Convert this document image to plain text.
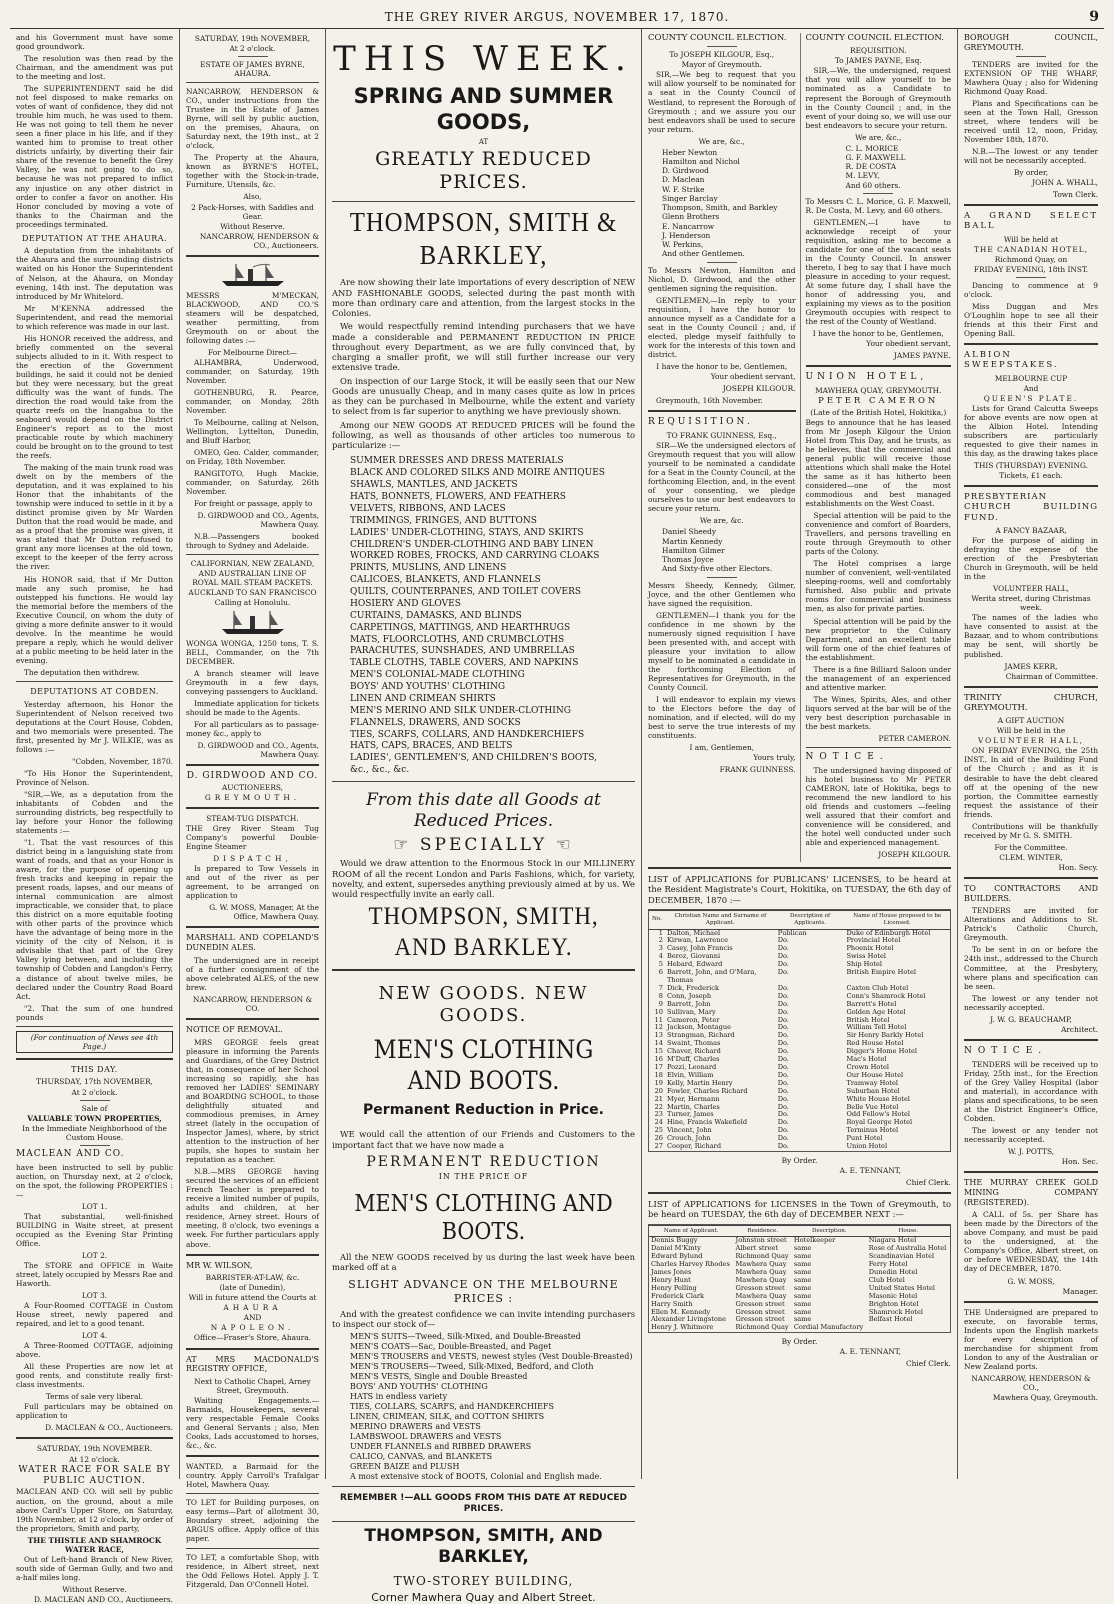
THE GREY RIVER ARGUS, NOVEMBER 17, 1870.	9

and his Government must have some good groundwork.

The resolution was then read by the Chairman, and the amendment was put to the meeting and lost.

The SUPERINTENDENT said he did not feel disposed to make remarks on votes of want of confidence, they did not trouble him much, he was used to them. He was not going to tell them he never seen a finer place in his life, and if they wanted him to promise to treat other districts unfairly, by diverting their fair share of the revenue to benefit the Grey Valley, he was not going to do so, because he was not prepared to inflict any injustice on any other district in order to confer a favor on another. His Honor concluded by moving a vote of thanks to the Chairman and the proceedings terminated.

DEPUTATION AT THE AHAURA.

A deputation from the inhabitants of the Ahaura and the surrounding districts waited on his Honor the Superintendent of Nelson, at the Ahaura, on Monday evening, 14th inst. The deputation was introduced by Mr Whitelord.

Mr M'KENNA addressed the Superintendent, and read the memorial to which reference was made in our last.

His HONOR received the address, and briefly commented on the several subjects alluded to in it. With respect to the erection of the Government buildings, he said it could not be denied but they were necessary, but the great difficulty was the want of funds. The direction the road would take from the quartz reefs on the Inangahua to the seaboard would depend on the District Engineer's report as to the most practicable route by which machinery could be brought on to the ground to test the reefs.

The making of the main trunk road was dwelt on by the members of the deputation, and it was explained to his Honor that the inhabitants of the township were induced to settle in it by a distinct promise given by Mr Warden Dutton that the road would be made, and as a proof that the promise was given, it was stated that Mr Dutton refused to grant any more licenses at the old town, except to the keeper of the ferry across the river.

His HONOR said, that if Mr Dutton made any such promise, he had outstepped his functions. He would lay the memorial before the members of the Executive Council, on whom the duty of giving a more definite answer to it would devolve. In the meantime he would prepare a reply, which he would deliver at a public meeting to be held later in the evening.

The deputation then withdrew.

DEPUTATIONS AT COBDEN.

Yesterday afternoon, his Honor the Superintendent of Nelson received two deputations at the Court House, Cobden, and two memorials were presented. The first, presented by Mr J. WILKIE, was as follows :—

"Cobden, November, 1870.

"To His Honor the Superintendent, Province of Nelson.

"SIR,—We, as a deputation from the inhabitants of Cobden and the surrounding districts, beg respectfully to lay before your Honor the following statements :—

"1. That the vast resources of this district being in a languishing state from want of roads, and that as your Honor is aware, for the purpose of opening up fresh tracks and keeping in repair the present roads, lapses, and our means of internal communication are almost impracticable, we consider that, to place this district on a more equitable footing with other parts of the province which have the advantage of being more in the vicinity of the city of Nelson, it is advisable that that part of the Grey Valley lying between, and including the township of Cobden and Langdon's Ferry, a distance of about twelve miles, be declared under the Country Road Board Act.

"2. That the sum of one hundred pounds

(For continuation of News see 4th Page.)

THIS DAY.

THURSDAY, 17th NOVEMBER,

At 2 o'clock.

Sale of

VALUABLE TOWN PROPERTIES,

In the Immediate Neighborhood of the Custom House.

MACLEAN AND CO.

have been instructed to sell by public auction, on Thursday next, at 2 o'clock, on the spot, the following PROPERTIES :—

LOT 1.

That substantial, well-finished BUILDING in Waite street, at present occupied as the Evening Star Printing Office.

LOT 2.

The STORE and OFFICE in Waite street, lately occupied by Messrs Rae and Haworth.

LOT 3.

A Four-Roomed COTTAGE in Custom House street, newly papered and repaired, and let to a good tenant.

LOT 4.

A Three-Roomed COTTAGE, adjoining above.

All these Properties are now let at good rents, and constitute really first-class investments.

Terms of sale very liberal.

Full particulars may be obtained on application to

D. MACLEAN & CO., Auctioneers.

SATURDAY, 19th NOVEMBER.

At 12 o'clock.

WATER RACE FOR SALE BY PUBLIC AUCTION.

MACLEAN AND CO. will sell by public auction, on the ground, about a mile above Card's Upper Store, on Saturday, 19th November, at 12 o'clock, by order of the proprietors, Smith and party,

THE THISTLE AND SHAMROCK WATER RACE,

Out of Left-hand Branch of New River, south side of German Gully, and two and a-half miles long.

Without Reserve.

D. MACLEAN AND CO., Auctioneers.

SATURDAY, 19th NOVEMBER,

At 2 o'clock.

ESTATE OF JAMES BYRNE, AHAURA.

NANCARROW, HENDERSON & CO., under instructions from the Trustee in the Estate of James Byrne, will sell by public auction, on the premises, Ahaura, on Saturday next, the 19th inst., at 2 o'clock,

The Property at the Ahaura, known as BYRNE'S HOTEL, together with the Stock-in-trade, Furniture, Utensils, &c.

Also,

2 Pack-Horses, with Saddles and Gear.

Without Reserve.

NANCARROW, HENDERSON & CO., Auctioneers.

MESSRS M'MECKAN, BLACKWOOD, AND CO.'S steamers will be despatched, weather permitting, from Greymouth on or about the following dates :—

For Melbourne Direct—

ALHAMBRA, Underwood, commander, on Saturday, 19th November.

GOTHENBURG, R. Pearce, commander, on Monday, 28th November.

To Melbourne, calling at Nelson, Wellington, Lyttelton, Dunedin, and Bluff Harbor,

OMEO, Geo. Calder, commander, on Friday, 18th November.

RANGITOTO, Hugh Mackie, commander, on Saturday, 26th November.

For freight or passage, apply to

D. GIRDWOOD and CO., Agents, Mawhera Quay.

N.B.—Passengers booked through to Sydney and Adelaide.

CALIFORNIAN, NEW ZEALAND, AND AUSTRALIAN LINE OF ROYAL MAIL STEAM PACKETS.

AUCKLAND TO SAN FRANCISCO

Calling at Honolulu.

WONGA WONGA, 1250 tons, T. S. BELL, Commander, on the 7th DECEMBER.

A branch steamer will leave Greymouth in a few days, conveying passengers to Auckland.

Immediate application for tickets should be made to the Agents.

For all particulars as to passage-money &c., apply to

D. GIRDWOOD and CO., Agents, Mawhera Quay.

D. GIRDWOOD AND CO.

AUCTIONEERS,

GREYMOUTH.

STEAM-TUG DISPATCH.

THE Grey River Steam Tug Company's powerful Double-Engine Steamer

DISPATCH,

Is prepared to Tow Vessels in and out of the river as per agreement, to be arranged on application to

G. W. MOSS, Manager, At the Office, Mawhera Quay.

MARSHALL AND COPELAND'S DUNEDIN ALES.

The undersigned are in receipt of a further consignment of the above celebrated ALES, of the new brew.

NANCARROW, HENDERSON & CO.

NOTICE OF REMOVAL.

MRS GEORGE feels great pleasure in informing the Parents and Guardians, of the Grey District that, in consequence of her School increasing so rapidly, she has removed her LADIES' SEMINARY and BOARDING SCHOOL, to those delightfully situated and commodious premises, in Arney street (lately in the occupation of Inspector James), where, by strict attention to the instruction of her pupils, she hopes to sustain her reputation as a teacher.

N.B.—MRS GEORGE having secured the services of an efficient French Teacher is prepared to receive a limited number of pupils, adults and children, at her residence, Arney street. Hours of meeting, 8 o'clock, two evenings a week. For further particulars apply above.

MR W. WILSON,

BARRISTER-AT-LAW, &c.

(late of Dunedin),

Will in future attend the Courts at

AHAURA

AND

NAPOLEON.

Office—Fraser's Store, Ahaura.

AT MRS MACDONALD'S REGISTRY OFFICE,

Next to Catholic Chapel, Arney Street, Greymouth.

Waiting Engagements.—Barmaids, Housekeepers, several very respectable Female Cooks and General Servants ; also, Men Cooks, Lads accustomed to horses, &c., &c.

WANTED, a Barmaid for the country. Apply Carroll's Trafalgar Hotel, Mawhera Quay.

TO LET for Building purposes, on easy terms—Part of allotment 30, Boundary street, adjoining the ARGUS office. Apply office of this paper.

TO LET, a comfortable Shop, with residence, in Albert street, next the Odd Fellows Hotel. Apply J. T. Fitzgerald, Dan O'Connell Hotel.

THIS WEEK.
SPRING AND SUMMER GOODS,
AT
GREATLY REDUCED PRICES.
THOMPSON, SMITH & BARKLEY,

Are now showing their late importations of every description of NEW AND FASHIONABLE GOODS, selected during the past month with more than ordinary care and attention, from the largest stocks in the Colonies.

We would respectfully remind intending purchasers that we have made a considerable and PERMANENT REDUCTION IN PRICE throughout every Department, as we are fully convinced that, by charging a smaller profit, we will still further increase our very extensive trade.

On inspection of our Large Stock, it will be easily seen that our New Goods are unusually Cheap, and in many cases quite as low in prices as they can be purchased in Melbourne, while the extent and variety to select from is far superior to anything we have previously shown.

Among our NEW GOODS AT REDUCED PRICES will be found the following, as well as thousands of other articles too numerous to particularize :—

SUMMER DRESSES AND DRESS MATERIALS
BLACK AND COLORED SILKS AND MOIRE ANTIQUES
SHAWLS, MANTLES, AND JACKETS
HATS, BONNETS, FLOWERS, AND FEATHERS
VELVETS, RIBBONS, AND LACES
TRIMMINGS, FRINGES, AND BUTTONS
LADIES' UNDER-CLOTHING, STAYS, AND SKIRTS
CHILDREN'S UNDER-CLOTHING AND BABY LINEN
WORKED ROBES, FROCKS, AND CARRYING CLOAKS
PRINTS, MUSLINS, AND LINENS
CALICOES, BLANKETS, AND FLANNELS
QUILTS, COUNTERPANES, AND TOILET COVERS
HOSIERY AND GLOVES
CURTAINS, DAMASKS, AND BLINDS
CARPETINGS, MATTINGS, AND HEARTHRUGS
MATS, FLOORCLOTHS, AND CRUMBCLOTHS
PARACHUTES, SUNSHADES, AND UMBRELLAS
TABLE CLOTHS, TABLE COVERS, AND NAPKINS
MEN'S COLONIAL-MADE CLOTHING
BOYS' AND YOUTHS' CLOTHING
LINEN AND CRIMEAN SHIRTS
MEN'S MERINO AND SILK UNDER-CLOTHING
FLANNELS, DRAWERS, AND SOCKS
TIES, SCARFS, COLLARS, AND HANDKERCHIEFS
HATS, CAPS, BRACES, AND BELTS
LADIES', GENTLEMEN'S, AND CHILDREN'S BOOTS,
&c., &c., &c.
From this date all Goods at Reduced Prices.
☞ SPECIALLY ☜

Would we draw attention to the Enormous Stock in our MILLINERY ROOM of all the recent London and Paris Fashions, which, for variety, novelty, and extent, supersedes anything previously aimed at by us. We would respectfully invite an early call.

THOMPSON, SMITH, AND BARKLEY.
NEW GOODS. NEW GOODS.
MEN'S CLOTHING AND BOOTS.
Permanent Reduction in Price.

WE would call the attention of our Friends and Customers to the important fact that we have now made a

PERMANENT REDUCTION
IN THE PRICE OF
MEN'S CLOTHING AND BOOTS.

All the NEW GOODS received by us during the last week have been marked off at a

SLIGHT ADVANCE ON THE MELBOURNE PRICES :

And with the greatest confidence we can invite intending purchasers to inspect our stock of—

MEN'S SUITS—Tweed, Silk-Mixed, and Double-Breasted
MEN'S COATS—Sac, Double-Breasted, and Paget
MEN'S TROUSERS and VESTS, newest styles (Vest Double-Breasted)
MEN'S TROUSERS—Tweed, Silk-Mixed, Bedford, and Cloth
MEN'S VESTS, Single and Double Breasted
BOYS' AND YOUTHS' CLOTHING
HATS in endless variety
TIES, COLLARS, SCARFS, and HANDKERCHIEFS
LINEN, CRIMEAN, SILK, and COTTON SHIRTS
MERINO DRAWERS and VESTS
LAMBSWOOL DRAWERS and VESTS
UNDER FLANNELS and RIBBED DRAWERS
CALICO, CANVAS, and BLANKETS
GREEN BAIZE and PLUSH
A most extensive stock of BOOTS, Colonial and English made.
REMEMBER !—ALL GOODS FROM THIS DATE AT REDUCED PRICES.
THOMPSON, SMITH, AND BARKLEY,
TWO-STOREY BUILDING,
Corner Mawhera Quay and Albert Street.

COUNTY COUNCIL ELECTION.

To JOSEPH KILGOUR, Esq.,

Mayor of Greymouth.

SIR,—We beg to request that you will allow yourself to be nominated for a seat in the County Council of Westland, to represent the Borough of Greymouth ; and we assure you our best endeavors shall be used to secure your return.

We are, &c.,

Heber Newton
Hamilton and Nichol
D. Girdwood
D. Maclean
W. F. Strike
Singer Barclay
Thompson, Smith, and Barkley
Glenn Brothers
E. Nancarrow
J. Henderson
W. Perkins,
And other Gentlemen.

To Messrs Newton, Hamilton and Nichol, D. Girdwood, and the other gentlemen signing the requisition.

GENTLEMEN,—In reply to your requisition, I have the honor to announce myself as a Candidate for a seat in the County Council ; and, if elected, pledge myself faithfully to work for the interests of this town and district.

I have the honor to be, Gentlemen,

Your obedient servant,

JOSEPH KILGOUR.

Greymouth, 16th November.

REQUISITION.

TO FRANK GUINNESS, Esq.,

SIR—We the undersigned electors of Greymouth request that you will allow yourself to be nominated a candidate for a Seat in the County Council, at the forthcoming Election, and, in the event of your consenting, we pledge ourselves to use our best endeavors to secure your return.

We are, &c.

Daniel Sheedy
Martin Kennedy
Hamilton Gilmer
Thomas Joyce
And Sixty-five other Electors.

Messrs Sheedy, Kennedy, Gilmer, Joyce, and the other Gentlemen who have signed the requisition.

GENTLEMEN—I thank you for the confidence in me shown by the numerously signed requisition I have been presented with, and accept with pleasure your invitation to allow myself to be nominated a candidate in the forthcoming Election of Representatives for Greymouth, in the County Council.

I will endeavor to explain my views to the Electors before the day of nomination, and if elected, will do my best to serve the true interests of my constituents.

I am, Gentlemen,

Yours truly,

FRANK GUINNESS.

COUNTY COUNCIL ELECTION.

REQUISITION.

To JAMES PAYNE, Esq.

SIR,—We, the undersigned, request that you will allow yourself to be nominated as a Candidate to represent the Borough of Greymouth in the County Council ; and, in the event of your doing so, we will use our best endeavors to secure your return.

We are, &c.,

C. L. MORICE
G. F. MAXWELL
R. DE COSTA
M. LEVY,
And 60 others.

To Messrs C. L. Morice, G. F. Maxwell, R. De Costa, M. Levy, and 60 others.

GENTLEMEN,—I have to acknowledge receipt of your requisition, asking me to become a candidate for one of the vacant seats in the County Council. In answer thereto, I beg to say that I have much pleasure in acceding to your request. At some future day, I shall have the honor of addressing you, and explaining my views as to the position Greymouth occupies with respect to the rest of the County of Westland.

I have the honor to be, Gentlemen,

Your obedient servant,

JAMES PAYNE.

UNION HOTEL,

MAWHERA QUAY, GREYMOUTH.

PETER CAMERON

(Late of the British Hotel, Hokitika,)

Begs to announce that he has leased from Mr Joseph Kilgour the Union Hotel from This Day, and he trusts, as he believes, that the commercial and general public will receive those attentions which shall make the Hotel the same as it has hitherto been considered—one of the most commodious and best managed establishments on the West Coast.

Special attention will be paid to the convenience and comfort of Boarders, Travellers, and persons travelling en route through Greymouth to other parts of the Colony.

The Hotel comprises a large number of convenient, well-ventilated sleeping-rooms, well and comfortably furnished. Also public and private rooms for commercial and business men, as also for private parties.

Special attention will be paid by the new proprietor to the Culinary Department, and an excellent table will form one of the chief features of the establishment.

There is a fine Billiard Saloon under the management of an experienced and attentive marker.

The Wines, Spirits, Ales, and other liquors served at the bar will be of the very best description purchasable in the best markets.

PETER CAMERON.

NOTICE.

The undersigned having disposed of his hotel business to Mr PETER CAMERON, late of Hokitika, begs to recommend the new landlord to his old friends and customers —feeling well assured that their comfort and convenience will be considered, and the hotel well conducted under such able and experienced management.

JOSEPH KILGOUR.

LIST of APPLICATIONS for PUBLICANS' LICENSES, to be heard at the Resident Magistrate's Court, Hokitika, on TUESDAY, the 6th day of DECEMBER, 1870 :—

No.	Christian Name and Surname of Applicant.	Description of Applicants.	Name of House proposed to be Licensed.
1	Dalton, Michael	Publican	Duke of Edinburgh Hotel
2	Kirwan, Lawrence	Do.	Provincial Hotel
3	Casey, John Francis	Do.	Phoenix Hotel
4	Beroz, Giovanni	Do.	Swiss Hotel
5	Hebard, Edward	Do.	Ship Hotel
6	Barrett, John, and O'Mara, Thomas	Do.	British Empire Hotel
7	Dick, Frederick	Do.	Caxton Club Hotel
8	Conn, Joseph	Do.	Conn's Shamrock Hotel
9	Barrett, John	Do.	Barrett's Hotel
10	Sullivan, Mary	Do.	Golden Age Hotel
11	Cameron, Peter	Do.	British Hotel
12	Jackson, Montague	Do.	William Tell Hotel
13	Strangman, Richard	Do.	Sir Henry Barkly Hotel
14	Swaint, Thomas	Do.	Red House Hotel
15	Chaver, Richard	Do.	Digger's Home Hotel
16	M'Duff, Charles	Do.	Mac's Hotel
17	Pozzi, Leonard	Do.	Crown Hotel
18	Elvin, William	Do.	Our House Hotel
19	Kelly, Martin Henry	Do.	Tramway Hotel
20	Fowler, Charles Richard	Do.	Suburban Hotel
21	Myer, Hermann	Do.	White House Hotel
22	Martin, Charles	Do.	Belle Vue Hotel
23	Turner, James	Do.	Odd Fellow's Hotel
24	Hine, Francis Wakefield	Do.	Royal George Hotel
25	Vincent, John	Do.	Terminus Hotel
26	Crouch, John	Do.	Punt Hotel
27	Cooper, Richard	Do.	Union Hotel

By Order.

A. E. TENNANT,

Chief Clerk.

LIST of APPLICATIONS for LICENSES in the Town of Greymouth, to be heard on TUESDAY, the 6th day of DECEMBER NEXT :—

Name of Applicant.	Residence.	Description.	House.
Dennis Buggy	Johnston street	Hotelkeeper	Niagara Hotel
Daniel M'Kinty	Albert street	same	Rose of Australia Hotel
Edward Bylund	Richmond Quay	same	Scandinavian Hotel
Charles Harvey Rhodes	Mawhera Quay	same	Ferry Hotel
James Jones	Mawhera Quay	same	Dunedin Hotel
Henry Hunt	Mawhera Quay	same	Club Hotel
Henry Pelling	Gresson street	same	United States Hotel
Frederick Clark	Mawhera Quay	same	Masonic Hotel
Harry Smith	Gresson street	same	Brighton Hotel
Ellen M. Kennedy	Gresson street	same	Shamrock Hotel
Alexander Livingstone	Gresson street	same	Belfast Hotel
Henry J. Whitmore	Richmond Quay	Cordial Manufactory	

By Order.

A. E. TENNANT,

Chief Clerk.

BOROUGH COUNCIL, GREYMOUTH.

TENDERS are invited for the EXTENSION OF THE WHARF, Mawhera Quay ; also for Widening Richmond Quay Road.

Plans and Specifications can be seen at the Town Hall, Gresson street, where tenders will be received until 12, noon, Friday, November 18th, 1870.

N.B.—The lowest or any tender will not be necessarily accepted.

By order,

JOHN A. WHALL,

Town Clerk.

A GRAND SELECT BALL

Will be held at

THE CANADIAN HOTEL,

Richmond Quay, on

FRIDAY EVENING, 18th INST.

Dancing to commence at 9 o'clock.

Miss Duggan and Mrs O'Loughlin hope to see all their friends at this their First and Opening Ball.

ALBION SWEEPSTAKES.

MELBOURNE CUP

And

QUEEN'S PLATE.

Lists for Grand Calcutta Sweeps for above events are now open at the Albion Hotel. Intending subscribers are particularly requested to give their names in this day, as the drawing takes place

THIS (THURSDAY) EVENING.

Tickets, £1 each.

PRESBYTERIAN CHURCH BUILDING FUND.

A FANCY BAZAAR,

For the purpose of aiding in defraying the expense of the erection of the Presbyterian Church in Greymouth, will be held in the

VOLUNTEER HALL,

Werita street, during Christmas week.

The names of the ladies who have consented to assist at the Bazaar, and to whom contributions may be sent, will shortly be published.

JAMES KERR,

Chairman of Committee.

TRINITY CHURCH, GREYMOUTH.

A GIFT AUCTION

Will be held in the

VOLUNTEER HALL,

ON FRIDAY EVENING, the 25th INST., In aid of the Building Fund of the Church ; and as it is desirable to have the debt cleared off at the opening of the new portion, the Committee earnestly request the assistance of their friends.

Contributions will be thankfully received by Mr G. S. SMITH.

For the Committee.

CLEM. WINTER,

Hon. Secy.

TO CONTRACTORS AND BUILDERS.

TENDERS are invited for Alterations and Additions to St. Patrick's Catholic Church, Greymouth.

To be sent in on or before the 24th inst., addressed to the Church Committee, at the Presbytery, where plans and specification can be seen.

The lowest or any tender not necessarily accepted.

J. W. G. BEAUCHAMP,

Architect.

NOTICE.

TENDERS will be received up to Friday, 25th inst., for the Erection of the Grey Valley Hospital (labor and material), in accordance with plans and specifications, to be seen at the District Engineer's Office, Cobden.

The lowest or any tender not necessarily accepted.

W. J. POTTS,

Hon. Sec.

THE MURRAY CREEK GOLD MINING COMPANY (REGISTERED).

A CALL of 5s. per Share has been made by the Directors of the above Company, and must be paid to the undersigned, at the Company's Office, Albert street, on or before WEDNESDAY, the 14th day of DECEMBER, 1870.

G. W. MOSS,

Manager.

THE Undersigned are prepared to execute, on favorable terms, Indents upon the English markets for every description of merchandise for shipment from London to any of the Australian or New Zealand ports.

NANCARROW, HENDERSON & CO.,

Mawhera Quay, Greymouth.
